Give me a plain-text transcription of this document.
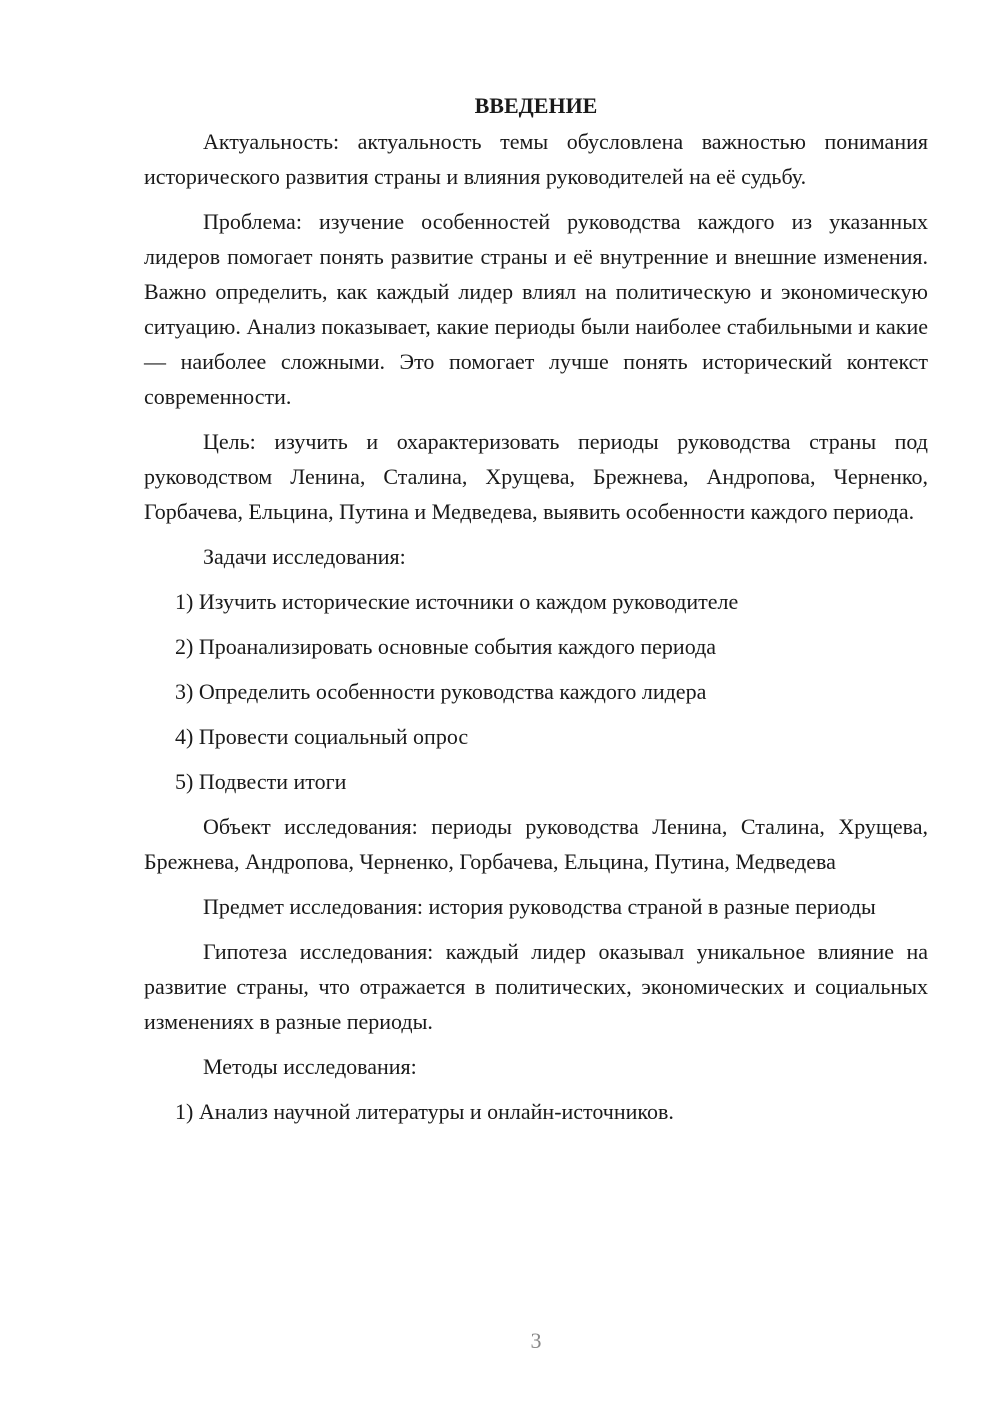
ВВЕДЕНИЕ

Актуальность: актуальность темы обусловлена важностью понимания исторического развития страны и влияния руководителей на её судьбу.

Проблема: изучение особенностей руководства каждого из указанных лидеров помогает понять развитие страны и её внутренние и внешние изменения. Важно определить, как каждый лидер влиял на политическую и экономическую ситуацию. Анализ показывает, какие периоды были наиболее стабильными и какие — наиболее сложными. Это помогает лучше понять исторический контекст современности.

Цель: изучить и охарактеризовать периоды руководства страны под руководством Ленина, Сталина, Хрущева, Брежнева, Андропова, Черненко, Горбачева, Ельцина, Путина и Медведева, выявить особенности каждого периода.

Задачи исследования:

1) Изучить исторические источники о каждом руководителе

2) Проанализировать основные события каждого периода

3) Определить особенности руководства каждого лидера

4) Провести социальный опрос

5) Подвести итоги

Объект исследования: периоды руководства Ленина, Сталина, Хрущева, Брежнева, Андропова, Черненко, Горбачева, Ельцина, Путина, Медведева

Предмет исследования: история руководства страной в разные периоды

Гипотеза исследования: каждый лидер оказывал уникальное влияние на развитие страны, что отражается в политических, экономических и социальных изменениях в разные периоды.

Методы исследования:

1) Анализ научной литературы и онлайн-источников.

3
